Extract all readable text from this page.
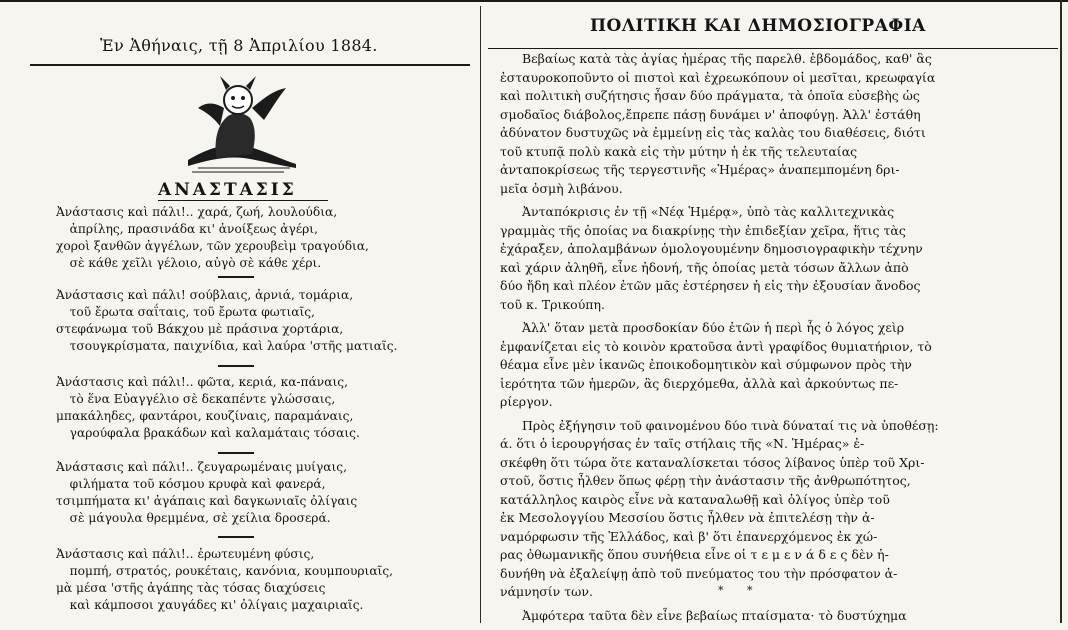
Ἐν Ἀθήναις, τῇ 8 Ἀπριλίου 1884.
ΑΝΑΣΤΑΣΙΣ
Ἀνάστασις καὶ πάλι!.. χαρά, ζωή, λουλούδια,
ἀπρίλης, πρασινάδα κι' ἀνοίξεως ἀγέρι,
χοροὶ ξανθῶν ἀγγέλων, τῶν χερουβεὶμ τραγούδια,
σὲ κάθε χεῖλι γέλοιο, αὐγὸ σὲ κάθε χέρι.
Ἀνάστασις καὶ πάλι! σούβλαις, ἀρνιά, τομάρια,
τοῦ ἔρωτα σαΐταις, τοῦ ἔρωτα φωτιαῖς,
στεφάνωμα τοῦ Βάκχου μὲ πράσινα χορτάρια,
τσουγκρίσματα, παιχνίδια, καὶ λαύρα 'στῆς ματιαῖς.
Ἀνάστασις καὶ πάλι!.. φῶτα, κεριά, κα-πάναις,
τὸ ἕνα Εὐαγγέλιο σὲ δεκαπέντε γλώσσαις,
μπακάληδες, φαντάροι, κουζίναις, παραμάναις,
γαρούφαλα βρακάδων καὶ καλαμάταις τόσαις.
Ἀνάστασις καὶ πάλι!.. ζευγαρωμέναις μυίγαις,
φιλήματα τοῦ κόσμου κρυφὰ καὶ φανερά,
τσιμπήματα κι' ἀγάπαις καὶ δαγκωνιαῖς ὀλίγαις
σὲ μάγουλα θρεμμένα, σὲ χείλια δροσερά.
Ἀνάστασις καὶ πάλι!.. ἐρωτευμένη φύσις,
πομπή, στρατός, ρουκέταις, κανόνια, κουμπουριαῖς,
μὰ μέσα 'στῆς ἀγάπης τὰς τόσας διαχύσεις
καὶ κάμποσοι χαυγάδες κι' ὀλίγαις μαχαιριαῖς.
ΠΟΛΙΤΙΚΗ ΚΑΙ ΔΗΜΟΣΙΟΓΡΑΦΙΑ

Βεβαίως κατὰ τὰς ἁγίας ἡμέρας τῆς παρελθ. ἑβδομάδος, καθ' ἃς
ἐσταυροκοποῦντο οἱ πιστοὶ καὶ ἐχρεωκόπουν οἱ μεσῖται, κρεωφαγία
καὶ πολιτικὴ συζήτησις ἦσαν δύο πράγματα, τὰ ὁποῖα εὐσεβὴς ὡς
σμοδαῖος διάβολος,ἔπρεπε πάσῃ δυνάμει ν' ἀποφύγῃ. Ἀλλ' ἐστάθη
ἀδύνατον δυστυχῶς νὰ ἐμμείνῃ εἰς τὰς καλὰς του διαθέσεις, διότι
τοῦ κτυπᾷ πολὺ κακὰ εἰς τὴν μύτην ἡ ἐκ τῆς τελευταίας
ἀνταποκρίσεως τῆς τεργεστινῆς «Ἡμέρας» ἀναπεμπομένη δρι-
μεῖα ὀσμὴ λιβάνου.

Ἀνταπόκρισις ἐν τῇ «Νέᾳ Ἡμέρᾳ», ὑπὸ τὰς καλλιτεχνικὰς
γραμμὰς τῆς ὁποίας να διακρίνῃς τὴν ἐπιδεξίαν χεῖρα, ἥτις τὰς
ἐχάραξεν, ἀπολαμβάνων ὁμολογουμένην δημοσιογραφικὴν τέχνην
καὶ χάριν ἀληθῆ, εἶνε ἠδονή, τῆς ὁποίας μετὰ τόσων ἄλλων ἀπὸ
δύο ἤδη καὶ πλέον ἐτῶν μᾶς ἐστέρησεν ἡ εἰς τὴν ἐξουσίαν ἄνοδος
τοῦ κ. Τρικούπη.

Ἀλλ' ὅταν μετὰ προσδοκίαν δύο ἐτῶν ἡ περὶ ἧς ὁ λόγος χεὶρ
ἐμφανίζεται εἰς τὸ κοινὸν κρατοῦσα ἀντὶ γραφίδος θυμιατήριον, τὸ
θέαμα εἶνε μὲν ἱκανῶς ἐποικοδομητικὸν καὶ σύμφωνον πρὸς τὴν
ἱερότητα τῶν ἡμερῶν, ἃς διερχόμεθα, ἀλλὰ καὶ ἀρκούντως πε-
ρίεργον.

Πρὸς ἐξήγησιν τοῦ φαινομένου δύο τινὰ δύναταί τις νὰ ὑποθέσῃ:
ά. ὅτι ὁ ἱερουργήσας ἐν ταῖς στήλαις τῆς «Ν. Ἡμέρας» ἐ-
σκέφθη ὅτι τώρα ὅτε καταναλίσκεται τόσος λίβανος ὑπὲρ τοῦ Χρι-
στοῦ, ὅστις ἦλθεν ὅπως φέρῃ τὴν ἀνάστασιν τῆς ἀνθρωπότητος,
κατάλληλος καιρὸς εἶνε νὰ καταναλωθῇ καὶ ὀλίγος ὑπὲρ τοῦ
ἐκ Μεσολογγίου Μεσσίου ὅστις ἦλθεν νὰ ἐπιτελέσῃ τὴν ἀ-
ναμόρφωσιν τῆς Ἑλλάδος, καὶ β' ὅτι ἐπανερχόμενος ἐκ χώ-
ρας ὀθωμανικῆς ὅπου συνήθεια εἶνε οἱ τ ε μ ε ν ά δ ε ς δὲν ἠ-
δυνήθη νὰ ἐξαλείψῃ ἀπὸ τοῦ πνεύματος του τὴν πρόσφατον ἀ-
νάμνησίν των.

Ἀμφότερα ταῦτα δὲν εἶνε βεβαίως πταίσματα· τὸ δυστύχημα

* *
